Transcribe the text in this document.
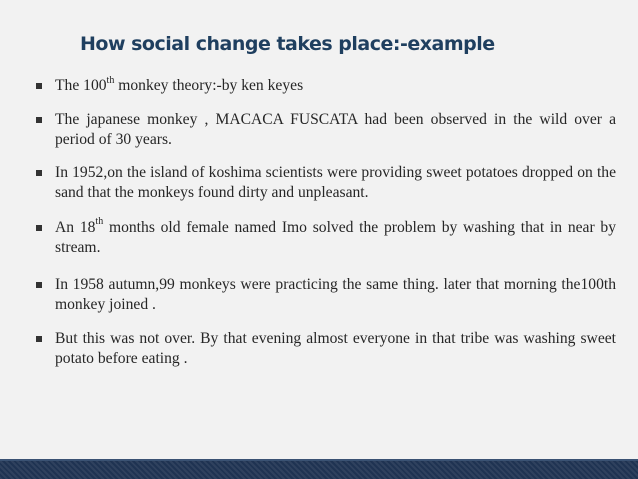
How social change takes place:-example
The 100th monkey theory:-by ken keyes
The japanese monkey , MACACA FUSCATA had been observed in the wild over a period of 30 years.
In 1952,on the island of koshima scientists were providing sweet potatoes dropped on the sand that the monkeys found dirty and unpleasant.
An 18th months old female named Imo solved the problem by washing that in near by stream.
In 1958 autumn,99 monkeys were practicing the same thing. later that morning the100th monkey joined .
But this was not over. By that evening almost everyone in that tribe was washing sweet potato before eating .
